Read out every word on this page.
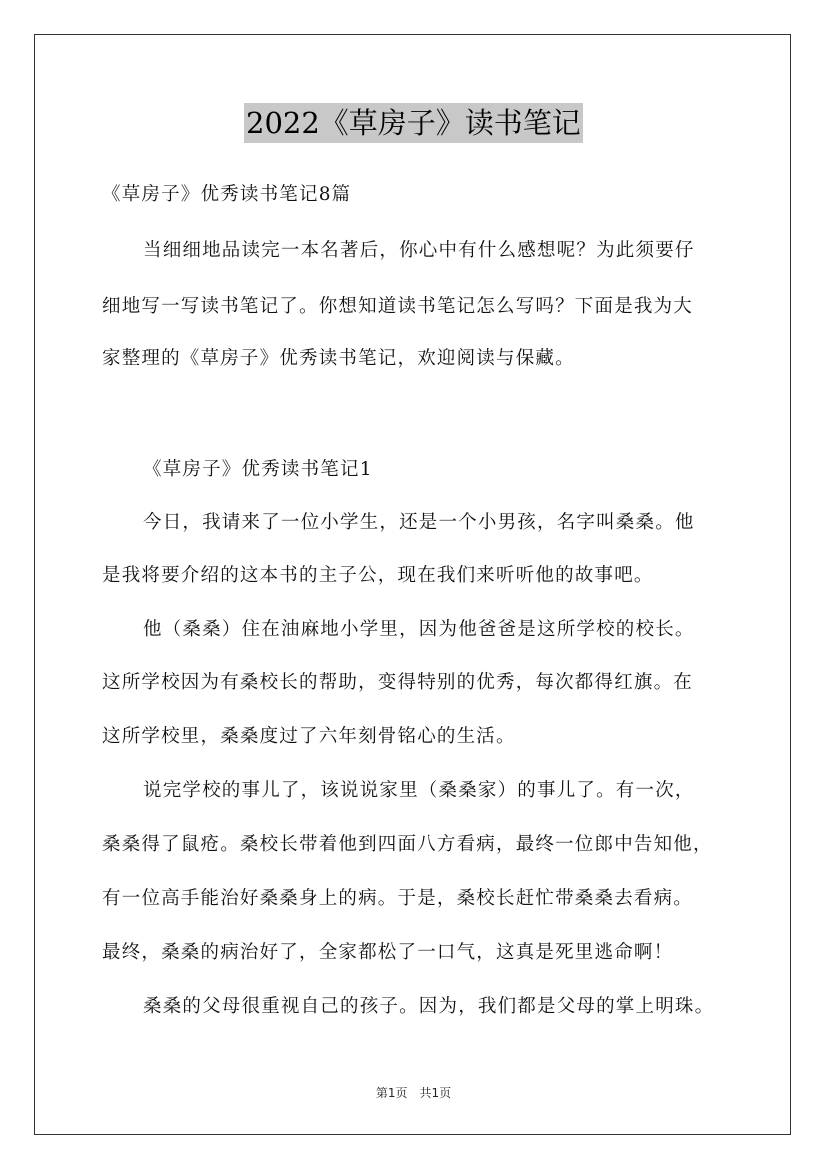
2022《草房子》读书笔记
《草房子》优秀读书笔记8篇
当细细地品读完一本名著后，你心中有什么感想呢？为此须要仔
细地写一写读书笔记了。你想知道读书笔记怎么写吗？下面是我为大
家整理的《草房子》优秀读书笔记，欢迎阅读与保藏。
《草房子》优秀读书笔记1
今日，我请来了一位小学生，还是一个小男孩，名字叫桑桑。他
是我将要介绍的这本书的主子公，现在我们来听听他的故事吧。
他（桑桑）住在油麻地小学里，因为他爸爸是这所学校的校长。
这所学校因为有桑校长的帮助，变得特别的优秀，每次都得红旗。在
这所学校里，桑桑度过了六年刻骨铭心的生活。
说完学校的事儿了，该说说家里（桑桑家）的事儿了。有一次，
桑桑得了鼠疮。桑校长带着他到四面八方看病，最终一位郎中告知他，
有一位高手能治好桑桑身上的病。于是，桑校长赶忙带桑桑去看病。
最终，桑桑的病治好了，全家都松了一口气，这真是死里逃命啊！
桑桑的父母很重视自己的孩子。因为，我们都是父母的掌上明珠。
第1页　共1页
